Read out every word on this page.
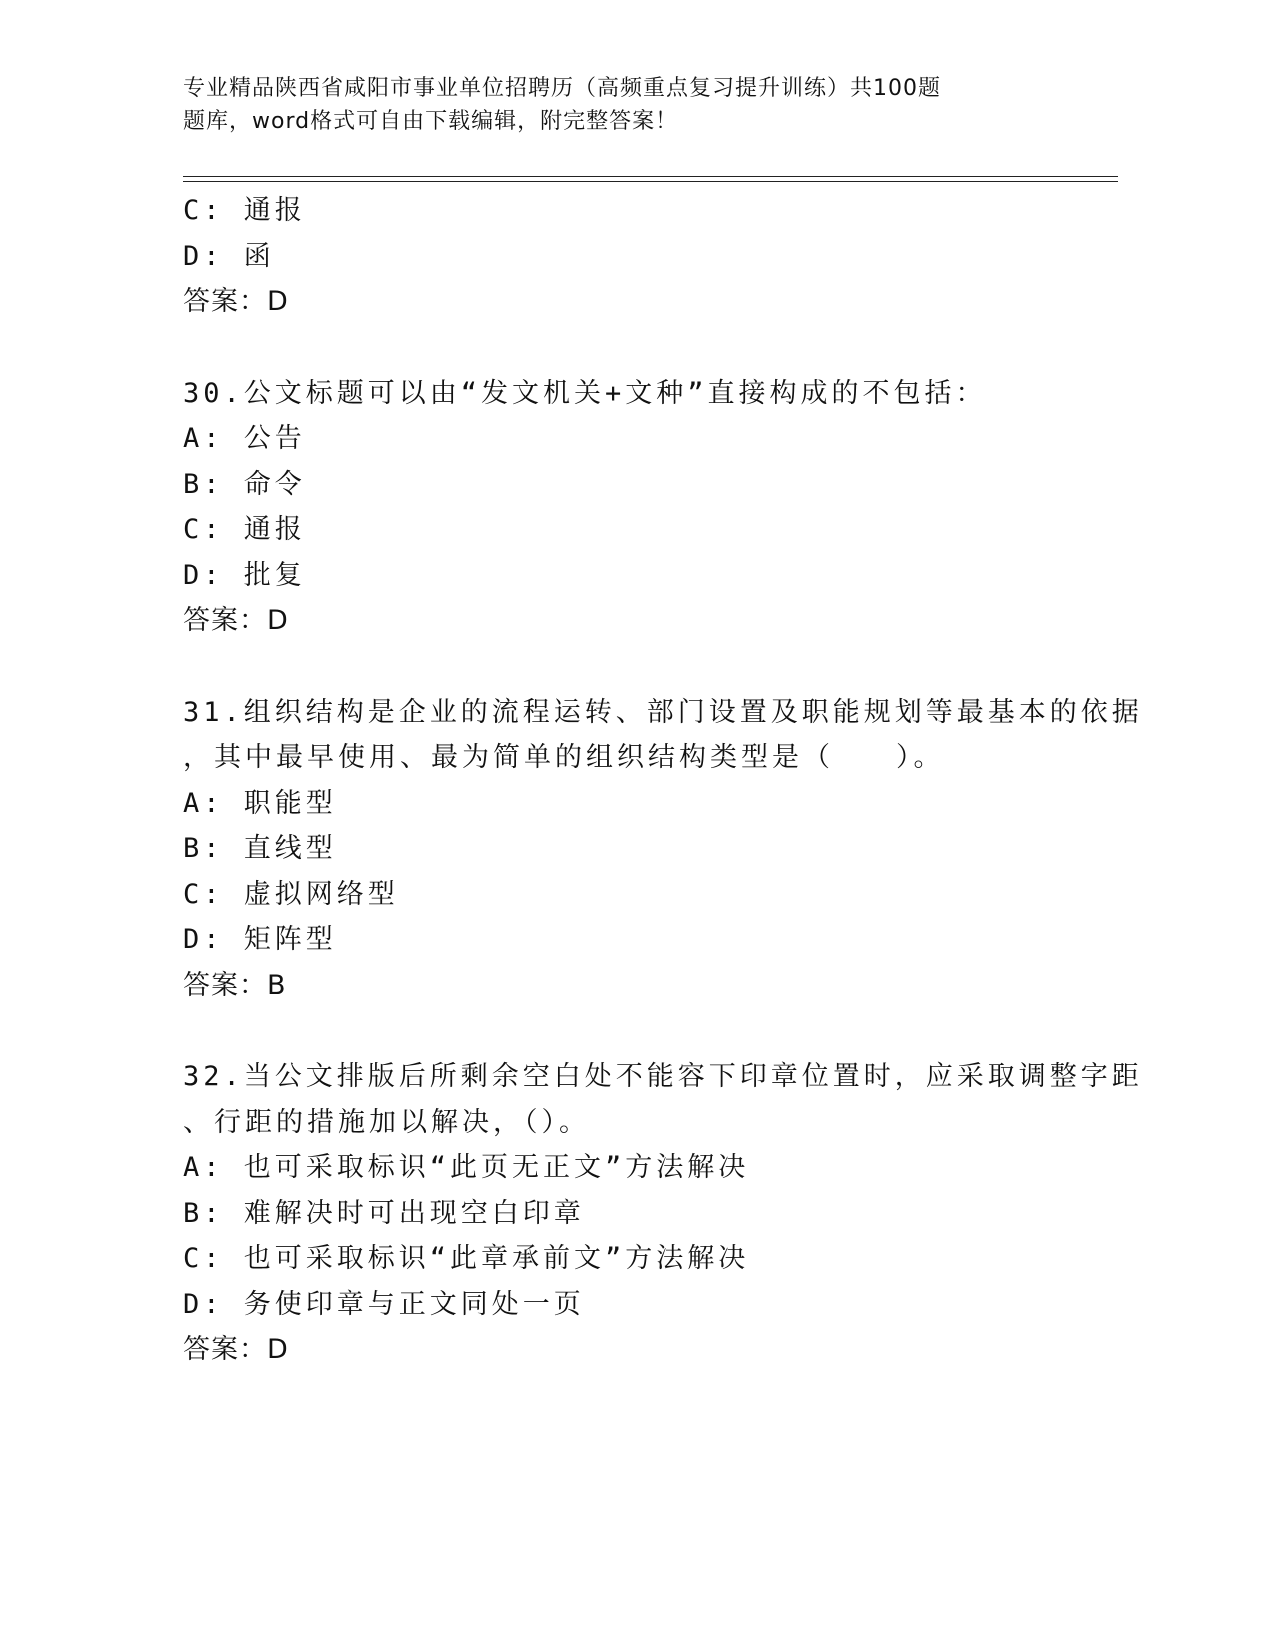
专业精品陕西省咸阳市事业单位招聘历（高频重点复习提升训练）共100题
题库，word格式可自由下载编辑，附完整答案！
C: 通报
D: 函
答案：D
30.公文标题可以由“发文机关+文种”直接构成的不包括：
A: 公告
B: 命令
C: 通报
D: 批复
答案：D
31.组织结构是企业的流程运转、部门设置及职能规划等最基本的依据
，其中最早使用、最为简单的组织结构类型是（　　）。
A: 职能型
B: 直线型
C: 虚拟网络型
D: 矩阵型
答案：B
32.当公文排版后所剩余空白处不能容下印章位置时，应采取调整字距
、行距的措施加以解决，（）。
A: 也可采取标识“此页无正文”方法解决
B: 难解决时可出现空白印章
C: 也可采取标识“此章承前文”方法解决
D: 务使印章与正文同处一页
答案：D
